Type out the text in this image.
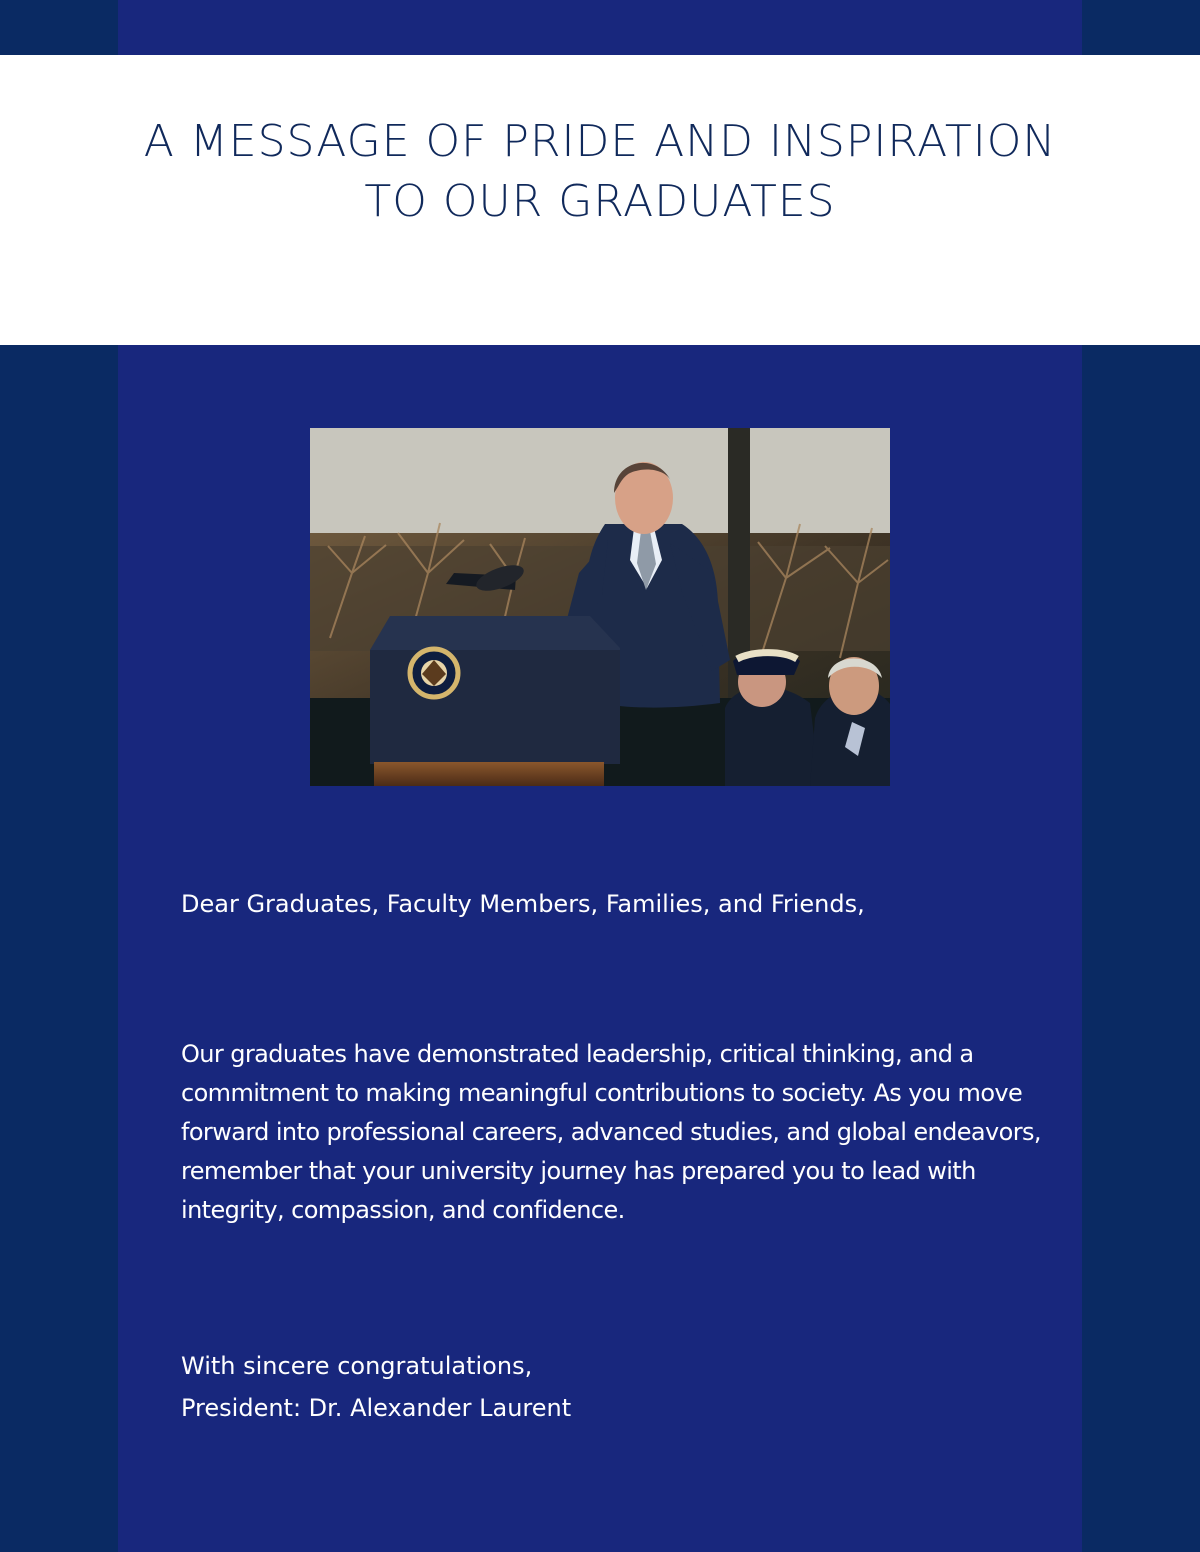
A MESSAGE OF PRIDE AND INSPIRATION
TO OUR GRADUATES
Dear Graduates, Faculty Members, Families, and Friends,

Our graduates have demonstrated leadership, critical thinking, and a commitment to making meaningful contributions to society. As you move forward into professional careers, advanced studies, and global endeavors, remember that your university journey has prepared you to lead with integrity, compassion, and confidence.

With sincere congratulations,
President: Dr. Alexander Laurent
